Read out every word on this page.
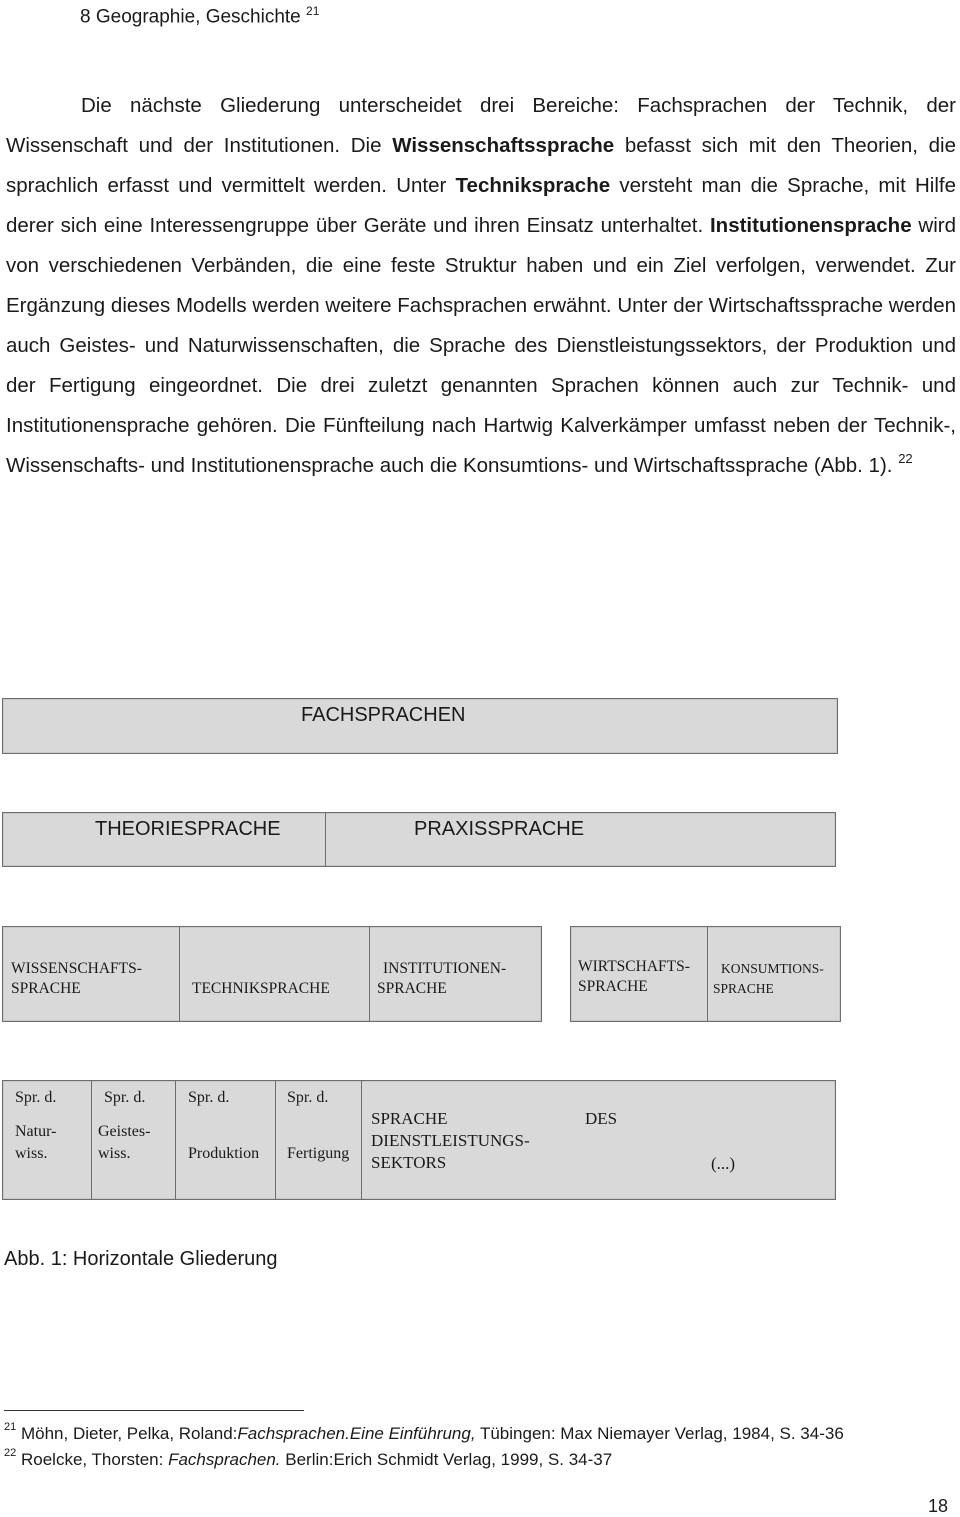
8 Geographie, Geschichte $^{21}$
Die nächste Gliederung unterscheidet drei Bereiche: Fachsprachen der Technik, der Wissenschaft und der Institutionen. Die Wissenschaftssprache befasst sich mit den Theorien, die sprachlich erfasst und vermittelt werden. Unter Techniksprache versteht man die Sprache, mit Hilfe derer sich eine Interessengruppe über Geräte und ihren Einsatz unterhaltet. Institutionensprache wird von verschiedenen Verbänden, die eine feste Struktur haben und ein Ziel verfolgen, verwendet. Zur Ergänzung dieses Modells werden weitere Fachsprachen erwähnt. Unter der Wirtschaftssprache werden auch Geistes- und Naturwissenschaften, die Sprache des Dienstleistungssektors, der Produktion und der Fertigung eingeordnet. Die drei zuletzt genannten Sprachen können auch zur Technik- und Institutionensprache gehören. Die Fünfteilung nach Hartwig Kalverkämper umfasst neben der Technik-, Wissenschafts- und Institutionensprache auch die Konsumtions- und Wirtschaftssprache (Abb. 1). $^{22}$
FACHSPRACHEN
THEORIESPRACHE	PRAXISSPRACHE
WISSENSCHAFTS-
SPRACHE	TECHNIKSPRACHE
INSTITUTIONEN-
SPRACHE
WIRTSCHAFTS-
SPRACHE
KONSUMTIONS-
SPRACHE
Spr. d.
Natur-
wiss.
Spr. d.
Geistes-
wiss.
Spr. d.
Produktion
Spr. d.
Fertigung
SPRACHE
DIENSTLEISTUNGS-
SEKTORS
DES
(...)
Abb. 1: Horizontale Gliederung
$^{21}$ Möhn, Dieter, Pelka, Roland:Fachsprachen.Eine Einführung, Tübingen: Max Niemayer Verlag, 1984, S. 34-36
$^{22}$ Roelcke, Thorsten: Fachsprachen. Berlin:Erich Schmidt Verlag, 1999, S. 34-37
18
